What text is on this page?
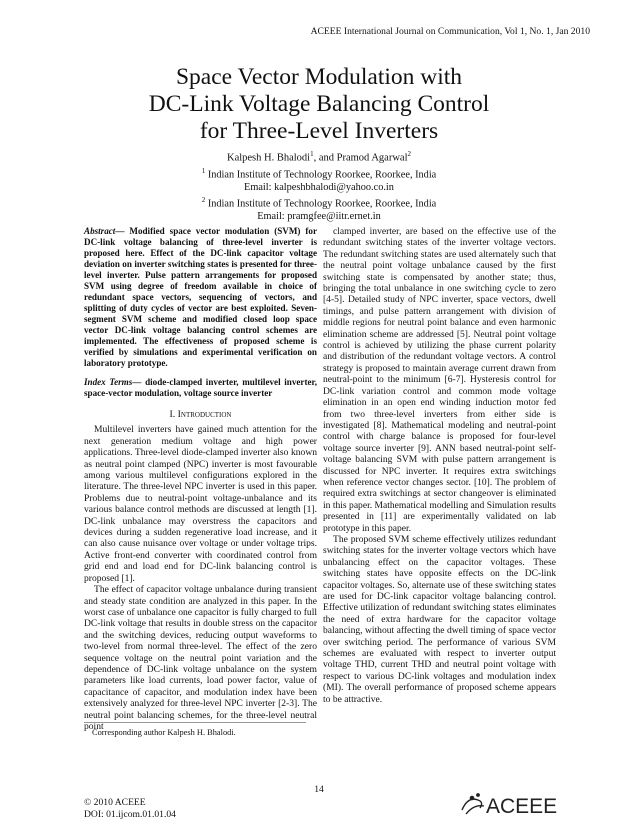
ACEEE International Journal on Communication, Vol 1, No. 1, Jan 2010
Space Vector Modulation with
DC-Link Voltage Balancing Control
for Three-Level Inverters
Kalpesh H. Bhalodi$^1$, and Pramod Agarwal$^2$
$^1$ Indian Institute of Technology Roorkee, Roorkee, India
Email: kalpeshbhalodi@yahoo.co.in
$^2$ Indian Institute of Technology Roorkee, Roorkee, India
Email: pramgfee@iitr.ernet.in

Abstract— Modified space vector modulation (SVM) for DC-link voltage balancing of three-level inverter is proposed here. Effect of the DC-link capacitor voltage deviation on inverter switching states is presented for three-level inverter. Pulse pattern arrangements for proposed SVM using degree of freedom available in choice of redundant space vectors, sequencing of vectors, and splitting of duty cycles of vector are best exploited. Seven-segment SVM scheme and modified closed loop space vector DC-link voltage balancing control schemes are implemented. The effectiveness of proposed scheme is verified by simulations and experimental verification on laboratory prototype.

Index Terms— diode-clamped inverter, multilevel inverter, space-vector modulation, voltage source inverter

I. Introduction

Multilevel inverters have gained much attention for the next generation medium voltage and high power applications. Three-level diode-clamped inverter also known as neutral point clamped (NPC) inverter is most favourable among various multilevel configurations explored in the literature. The three-level NPC inverter is used in this paper. Problems due to neutral-point voltage-unbalance and its various balance control methods are discussed at length [1]. DC-link unbalance may overstress the capacitors and devices during a sudden regenerative load increase, and it can also cause nuisance over voltage or under voltage trips. Active front-end converter with coordinated control from grid end and load end for DC-link balancing control is proposed [1].

The effect of capacitor voltage unbalance during transient and steady state condition are analyzed in this paper. In the worst case of unbalance one capacitor is fully charged to full DC-link voltage that results in double stress on the capacitor and the switching devices, reducing output waveforms to two-level from normal three-level. The effect of the zero sequence voltage on the neutral point variation and the dependence of DC-link voltage unbalance on the system parameters like load currents, load power factor, value of capacitance of capacitor, and modulation index have been extensively analyzed for three-level NPC inverter [2-3]. The neutral point balancing schemes, for the three-level neutral point

clamped inverter, are based on the effective use of the redundant switching states of the inverter voltage vectors. The redundant switching states are used alternately such that the neutral point voltage unbalance caused by the first switching state is compensated by another state; thus, bringing the total unbalance in one switching cycle to zero [4-5]. Detailed study of NPC inverter, space vectors, dwell timings, and pulse pattern arrangement with division of middle regions for neutral point balance and even harmonic elimination scheme are addressed [5]. Neutral point voltage control is achieved by utilizing the phase current polarity and distribution of the redundant voltage vectors. A control strategy is proposed to maintain average current drawn from neutral-point to the minimum [6-7]. Hysteresis control for DC-link variation control and common mode voltage elimination in an open end winding induction motor fed from two three-level inverters from either side is investigated [8]. Mathematical modeling and neutral-point control with charge balance is proposed for four-level voltage source inverter [9]. ANN based neutral-point self-voltage balancing SVM with pulse pattern arrangement is discussed for NPC inverter. It requires extra switchings when reference vector changes sector. [10]. The problem of required extra switchings at sector changeover is eliminated in this paper. Mathematical modelling and Simulation results presented in [11] are experimentally validated on lab prototype in this paper.

The proposed SVM scheme effectively utilizes redundant switching states for the inverter voltage vectors which have unbalancing effect on the capacitor voltages. These switching states have opposite effects on the DC-link capacitor voltages. So, alternate use of these switching states are used for DC-link capacitor voltage balancing control. Effective utilization of redundant switching states eliminates the need of extra hardware for the capacitor voltage balancing, without affecting the dwell timing of space vector over switching period. The performance of various SVM schemes are evaluated with respect to inverter output voltage THD, current THD and neutral point voltage with respect to various DC-link voltages and modulation index (MI). The overall performance of proposed scheme appears to be attractive.

Corresponding author Kalpesh H. Bhalodi.
14
© 2010 ACEEE
DOI: 01.ijcom.01.01.04	ACEEE
